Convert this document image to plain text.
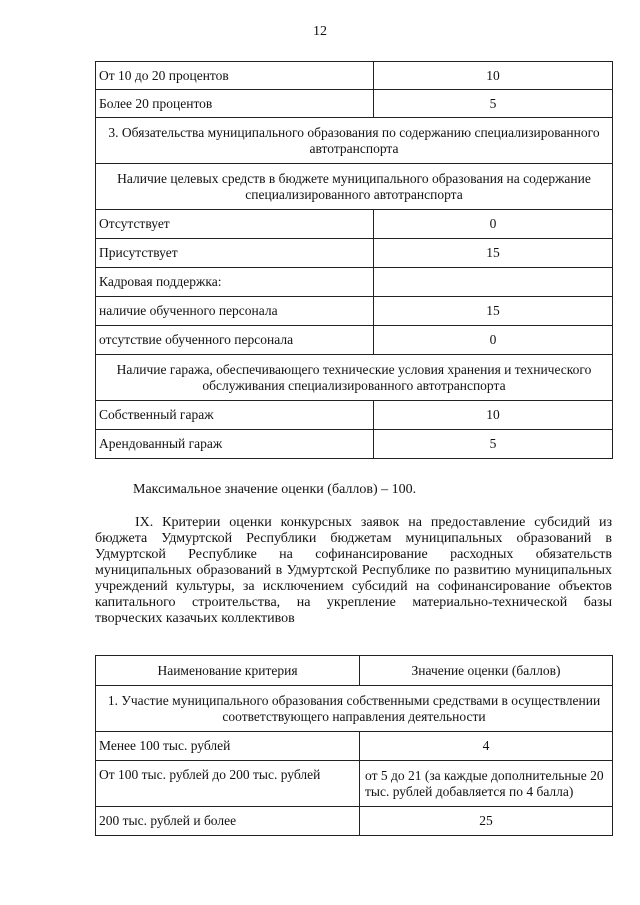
12
От 10 до 20 процентов	10
Более 20 процентов	5
3. Обязательства муниципального образования по содержанию специализированного автотранспорта	
Наличие целевых средств в бюджете муниципального образования на содержание специализированного автотранспорта	
Отсутствует	0
Присутствует	15
Кадровая поддержка:	
наличие обученного персонала	15
отсутствие обученного персонала	0
Наличие гаража, обеспечивающего технические условия хранения и технического обслуживания специализированного автотранспорта	
Собственный гараж	10
Арендованный гараж	5
Максимальное значение оценки (баллов) – 100.

IX. Критерии оценки конкурсных заявок на предоставление субсидий из бюджета Удмуртской Республики бюджетам муниципальных образований в Удмуртской Республике на софинансирование расходных обязательств муниципальных образований в Удмуртской Республике по развитию муниципальных учреждений культуры, за исключением субсидий на софинансирование объектов капитального строительства, на укрепление материально-технической базы творческих казачьих коллективов

Наименование критерия	Значение оценки (баллов)
1. Участие муниципального образования собственными средствами в осуществлении соответствующего направления деятельности	
Менее 100 тыс. рублей	4
От 100 тыс. рублей до 200 тыс. рублей	от 5 до 21 (за каждые дополнительные 20 тыс. рублей добавляется по 4 балла)
200 тыс. рублей и более	25
